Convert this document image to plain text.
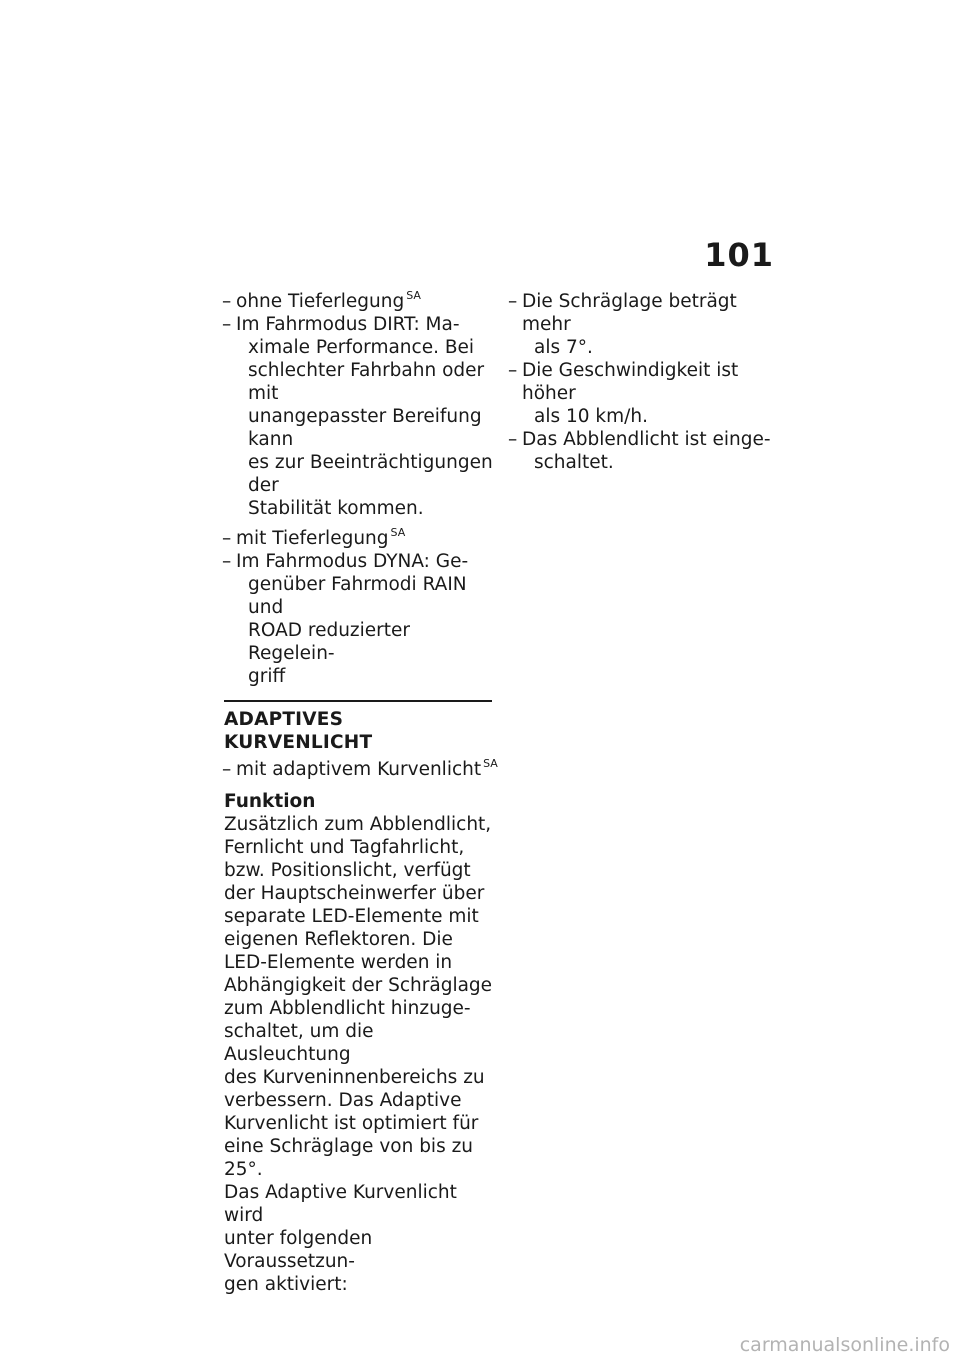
101
– ohne Tieferlegung $^{SA}$
– Im Fahrmodus DIRT: Ma-
ximale Performance. Bei
schlechter Fahrbahn oder mit
unangepasster Bereifung kann
es zur Beeinträchtigungen der
Stabilität kommen.
– mit Tieferlegung $^{SA}$
– Im Fahrmodus DYNA: Ge-
genüber Fahrmodi RAIN und
ROAD reduzierter Regelein-
griff
ADAPTIVES KURVENLICHT
– mit adaptivem Kurvenlicht $^{SA}$
Funktion
Zusätzlich zum Abblendlicht,
Fernlicht und Tagfahrlicht,
bzw. Positionslicht, verfügt
der Hauptscheinwerfer über
separate LED-Elemente mit
eigenen Reflektoren. Die
LED-Elemente werden in
Abhängigkeit der Schräglage
zum Abblendlicht hinzuge-
schaltet, um die Ausleuchtung
des Kurveninnenbereichs zu
verbessern. Das Adaptive
Kurvenlicht ist optimiert für
eine Schräglage von bis zu 25°.
Das Adaptive Kurvenlicht wird
unter folgenden Voraussetzun-
gen aktiviert:
– Die Schräglage beträgt mehr
als 7°.
– Die Geschwindigkeit ist höher
als 10 km/h.
– Das Abblendlicht ist einge-
schaltet.
carmanualsonline.info
